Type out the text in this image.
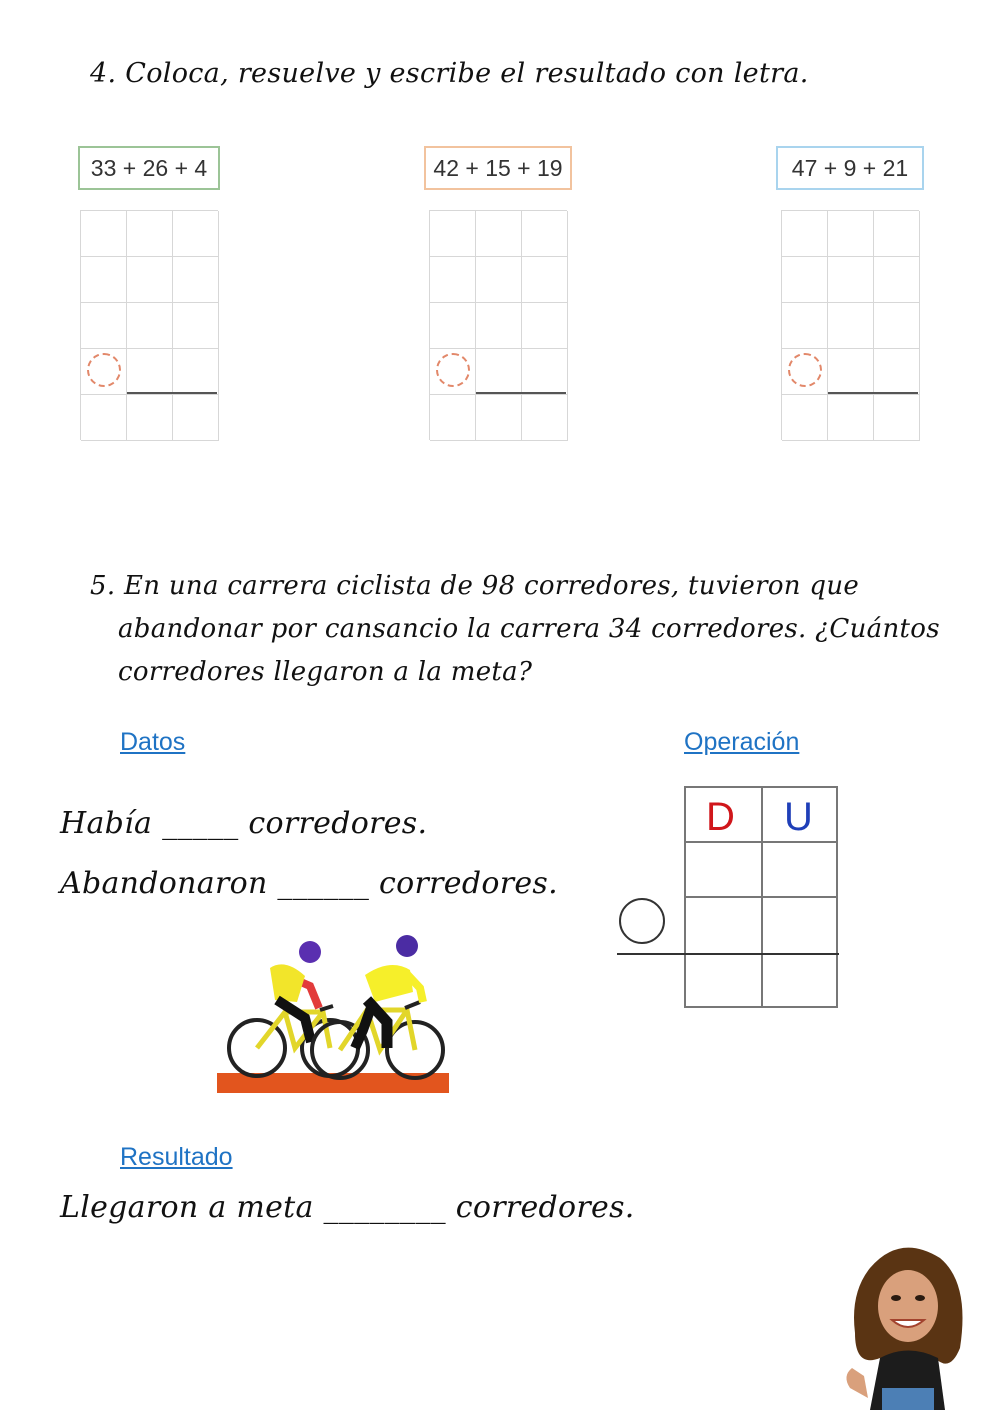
4. Coloca, resuelve y escribe el resultado con letra.
33 + 26 + 4	42 + 15 + 19	47 + 9 + 21
5. En una carrera ciclista de 98 corredores, tuvieron que
abandonar por cansancio la carrera 34 corredores. ¿Cuántos
corredores llegaron a la meta?
Datos	Operación
Había _____ corredores.
Abandonaron ______ corredores.
D U
Resultado
Llegaron a meta ________ corredores.
